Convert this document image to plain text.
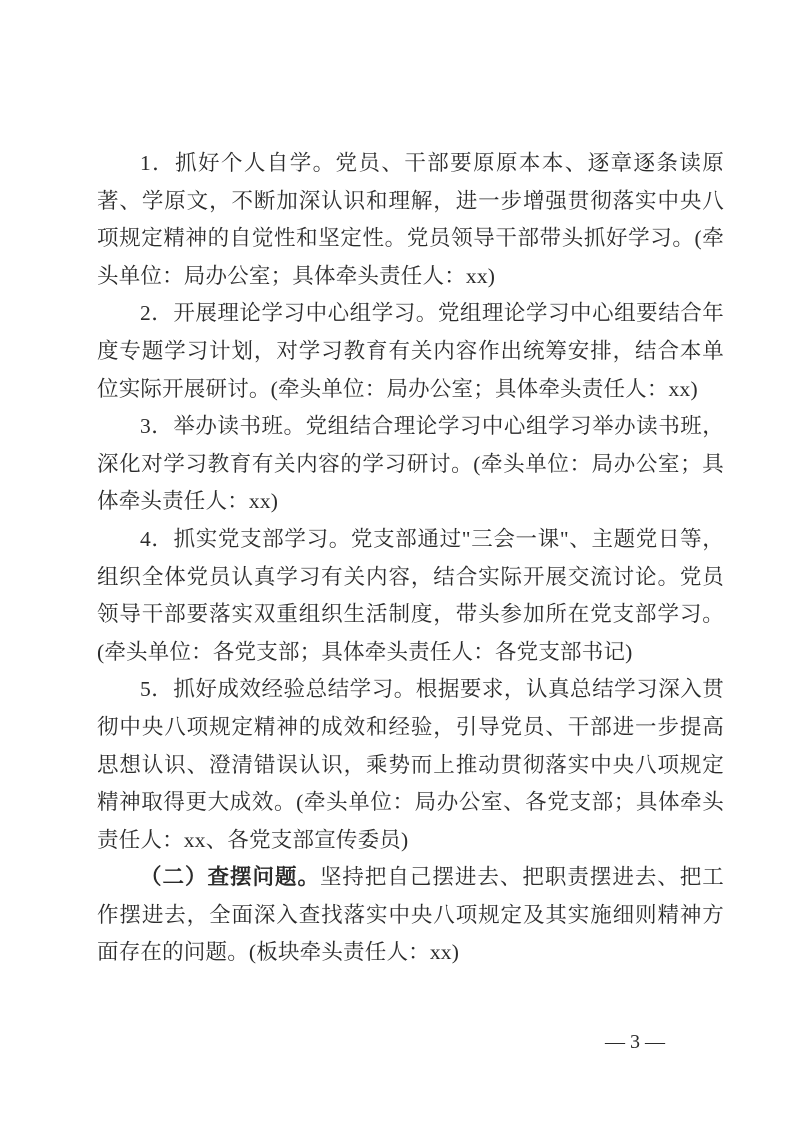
1．抓好个人自学。党员、干部要原原本本、逐章逐条读原著、学原文，不断加深认识和理解，进一步增强贯彻落实中央八项规定精神的自觉性和坚定性。党员领导干部带头抓好学习。(牵头单位：局办公室；具体牵头责任人：xx)

2．开展理论学习中心组学习。党组理论学习中心组要结合年度专题学习计划，对学习教育有关内容作出统筹安排，结合本单位实际开展研讨。(牵头单位：局办公室；具体牵头责任人：xx)

3．举办读书班。党组结合理论学习中心组学习举办读书班，深化对学习教育有关内容的学习研讨。(牵头单位：局办公室；具体牵头责任人：xx)

4．抓实党支部学习。党支部通过"三会一课"、主题党日等，组织全体党员认真学习有关内容，结合实际开展交流讨论。党员领导干部要落实双重组织生活制度，带头参加所在党支部学习。(牵头单位：各党支部；具体牵头责任人：各党支部书记)

5．抓好成效经验总结学习。根据要求，认真总结学习深入贯彻中央八项规定精神的成效和经验，引导党员、干部进一步提高思想认识、澄清错误认识，乘势而上推动贯彻落实中央八项规定精神取得更大成效。(牵头单位：局办公室、各党支部；具体牵头责任人：xx、各党支部宣传委员)

（二）查摆问题。坚持把自己摆进去、把职责摆进去、把工作摆进去，全面深入查找落实中央八项规定及其实施细则精神方面存在的问题。(板块牵头责任人：xx)

— 3 —
